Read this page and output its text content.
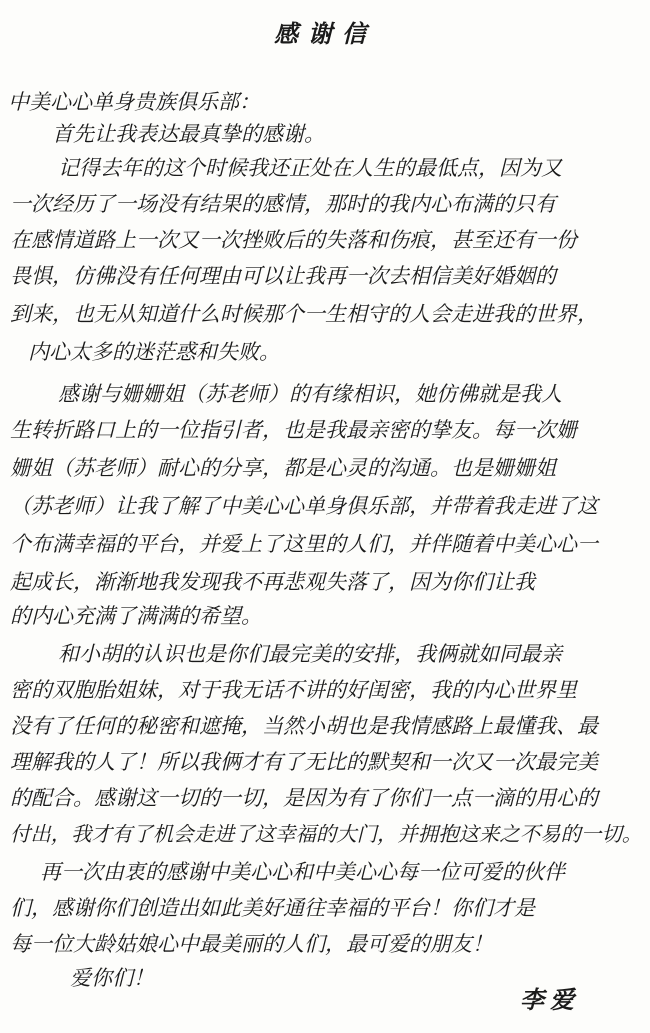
感谢信
中美心心单身贵族俱乐部：
首先让我表达最真挚的感谢。
记得去年的这个时候我还正处在人生的最低点，因为又
一次经历了一场没有结果的感情，那时的我内心布满的只有
在感情道路上一次又一次挫败后的失落和伤痕，甚至还有一份
畏惧，仿佛没有任何理由可以让我再一次去相信美好婚姻的
到来，也无从知道什么时候那个一生相守的人会走进我的世界，
内心太多的迷茫惑和失败。
感谢与姗姗姐（苏老师）的有缘相识，她仿佛就是我人
生转折路口上的一位指引者，也是我最亲密的挚友。每一次姗
姗姐（苏老师）耐心的分享，都是心灵的沟通。也是姗姗姐
（苏老师）让我了解了中美心心单身俱乐部，并带着我走进了这
个布满幸福的平台，并爱上了这里的人们，并伴随着中美心心一
起成长，渐渐地我发现我不再悲观失落了，因为你们让我
的内心充满了满满的希望。
和小胡的认识也是你们最完美的安排，我俩就如同最亲
密的双胞胎姐妹，对于我无话不讲的好闺密，我的内心世界里
没有了任何的秘密和遮掩，当然小胡也是我情感路上最懂我、最
理解我的人了！所以我俩才有了无比的默契和一次又一次最完美
的配合。感谢这一切的一切，是因为有了你们一点一滴的用心的
付出，我才有了机会走进了这幸福的大门，并拥抱这来之不易的一切。
再一次由衷的感谢中美心心和中美心心每一位可爱的伙伴
们，感谢你们创造出如此美好通往幸福的平台！你们才是
每一位大龄姑娘心中最美丽的人们，最可爱的朋友！
爱你们！
李爱
